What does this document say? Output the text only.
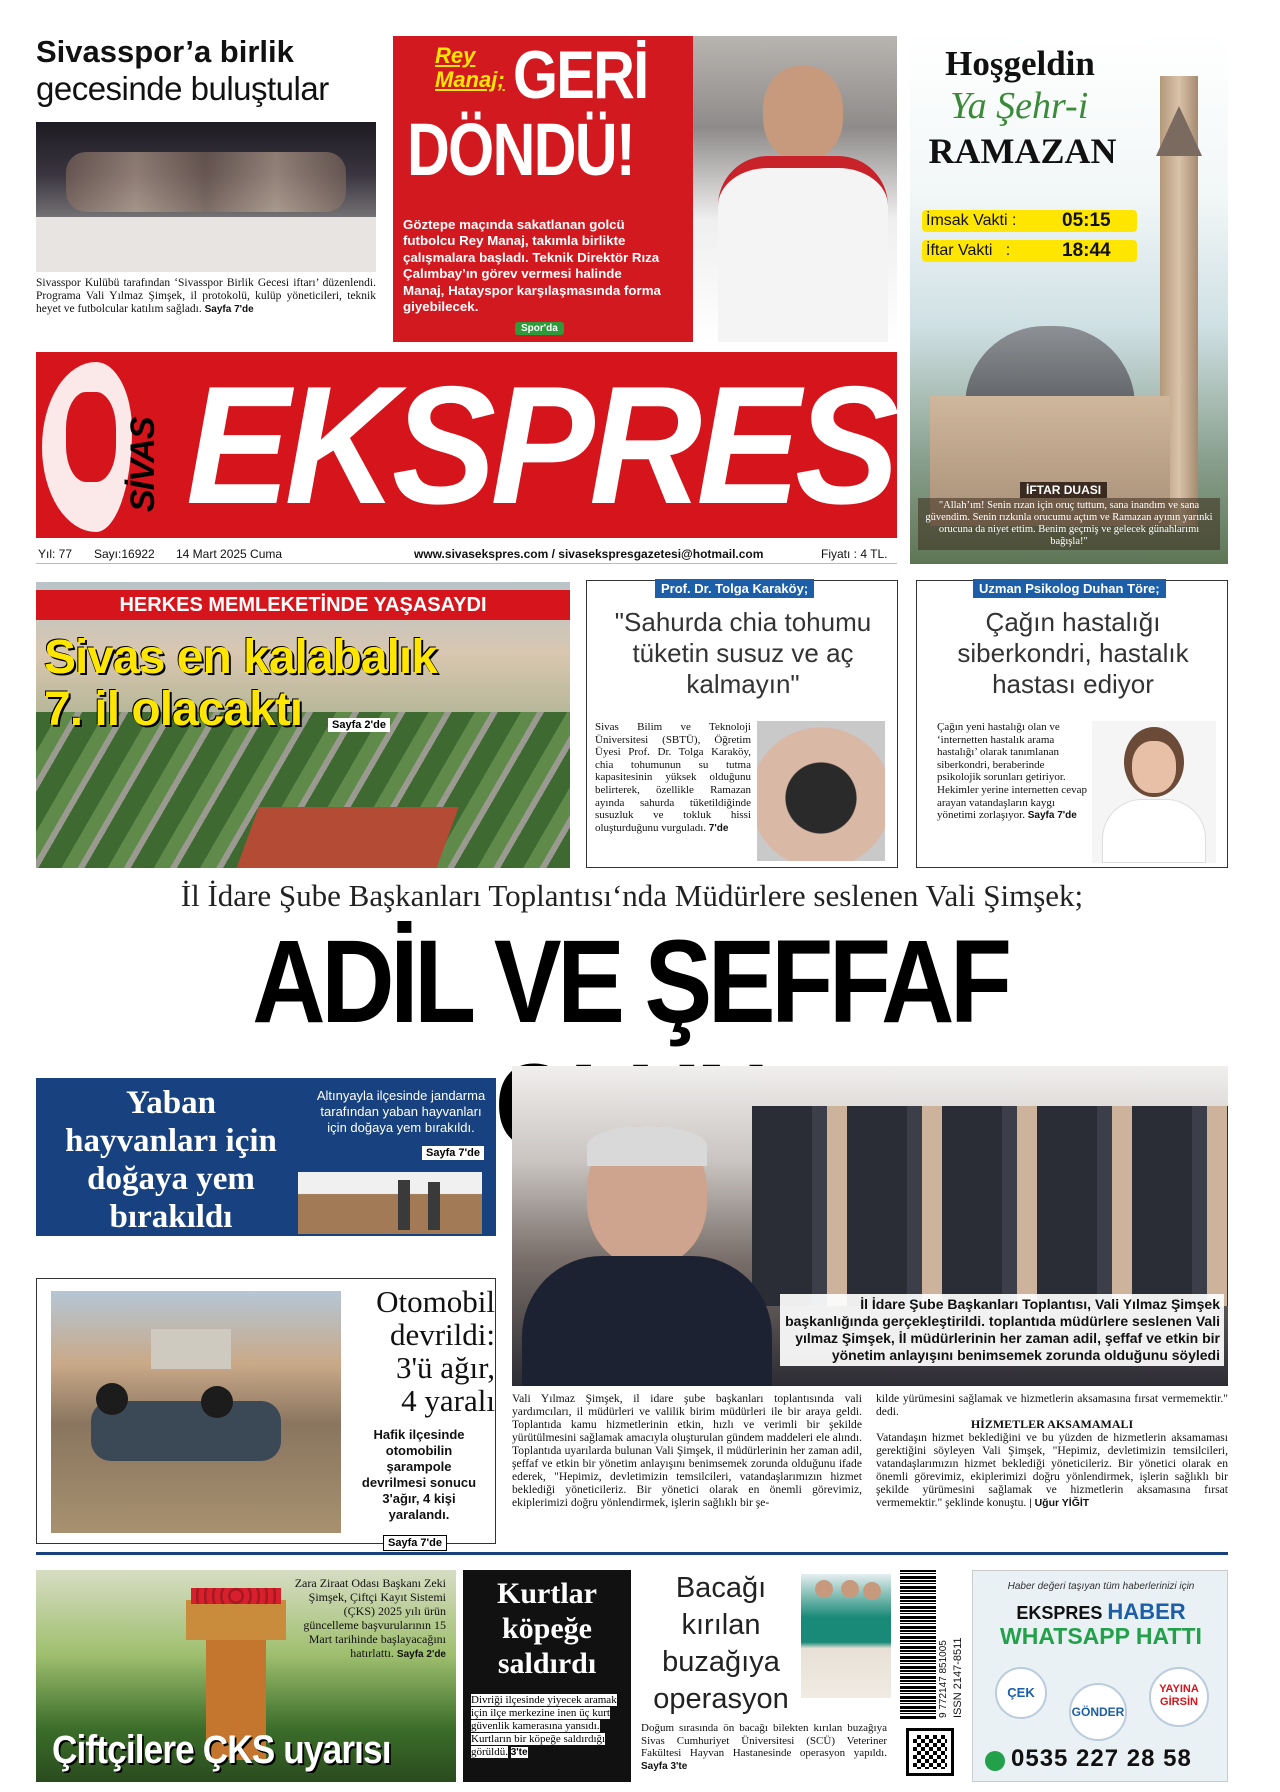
Sivasspor’a birlik
gecesinde buluştular
Sivasspor Kulübü tarafından ‘Sivasspor Birlik Gecesi iftarı’ düzenlendi. Programa Vali Yılmaz Şimşek, il protokolü, kulüp yöneticileri, teknik heyet ve futbolcular katılım sağladı. Sayfa 7'de
Rey
Manaj; GERİ
DÖNDÜ!
Göztepe maçında sakatlanan golcü futbolcu Rey Manaj, takımla birlikte çalışmalara başladı. Teknik Direktör Rıza Çalımbay’ın görev vermesi halinde Manaj, Hatayspor karşılaşmasında forma giyebilecek.
Spor'da
Hoşgeldin
Ya Şehr-i
RAMAZAN
İmsak Vakti : 05:15
İftar Vakti   :	18:44
İFTAR DUASI
"Allah’ım! Senin rızan için oruç tuttum, sana inandım ve sana güvendim. Senin rızkınla orucumu açtım ve Ramazan ayının yarınki orucuna da niyet ettim. Benim geçmiş ve gelecek günahlarımı bağışla!"
SİVAS EKSPRES
Yıl: 77 Sayı:16922 14 Mart 2025 Cuma	www.sivasekspres.com / sivasekspresgazetesi@hotmail.com	Fiyatı : 4 TL.
HERKES MEMLEKETİNDE YAŞASAYDI
Sivas en kalabalık
7. il olacaktı	Sayfa 2'de
Prof. Dr. Tolga Karaköy;
"Sahurda chia tohumu tüketin susuz ve aç kalmayın"
Sivas Bilim ve Teknoloji Üniversitesi (SBTÜ), Öğretim Üyesi Prof. Dr. Tolga Karaköy, chia tohumunun su tutma kapasitesinin yüksek olduğunu belirterek, özellikle Ramazan ayında sahurda tüketildiğinde susuzluk ve tokluk hissi oluşturduğunu vurguladı. 7'de
Uzman Psikolog Duhan Töre;
Çağın hastalığı siberkondri, hastalık hastası ediyor
Çağın yeni hastalığı olan ve ‘internetten hastalık arama hastalığı’ olarak tanımlanan siberkondri, beraberinde psikolojik sorunları getiriyor. Hekimler yerine internetten cevap arayan vatandaşların kaygı yönetimi zorlaşıyor. Sayfa 7'de
İl İdare Şube Başkanları Toplantısı‘nda Müdürlere seslenen Vali Şimşek;
ADİL VE ŞEFFAF
Yaban hayvanları için doğaya yem bırakıldı
Altınyayla ilçesinde jandarma tarafından yaban hayvanları için doğaya yem bırakıldı.
Sayfa 7'de
Otomobil
devrildi:
3'ü ağır,
4 yaralı
Hafik ilçesinde otomobilin şarampole devrilmesi sonucu 3'ağır, 4 kişi yaralandı.
Sayfa 7'de
İl İdare Şube Başkanları Toplantısı, Vali Yılmaz Şimşek başkanlığında gerçekleştirildi. toplantıda müdürlere seslenen Vali yılmaz Şimşek, İl müdürlerinin her zaman adil, şeffaf ve etkin bir yönetim anlayışını benimsemek zorunda olduğunu söyledi
Vali Yılmaz Şimşek, il idare şube başkanları toplantısında vali yardımcıları, il müdürleri ve valilik birim müdürleri ile bir araya geldi. Toplantıda kamu hizmetlerinin etkin, hızlı ve verimli bir şekilde yürütülmesini sağlamak amacıyla oluşturulan gündem maddeleri ele alındı. Toplantıda uyarılarda bulunan Vali Şimşek, il müdürlerinin her zaman adil, şeffaf ve etkin bir yönetim anlayışını benimsemek zorunda olduğunu ifade ederek, "Hepimiz, devletimizin temsilcileri, vatandaşlarımızın hizmet beklediği yöneticileriz. Bir yönetici olarak en önemli görevimiz, ekiplerimizi doğru yönlendirmek, işlerin sağlıklı bir şe-
kilde yürümesini sağlamak ve hizmetlerin aksamasına fırsat vermemektir." dedi.
HİZMETLER AKSAMAMALI
Vatandaşın hizmet beklediğini ve bu yüzden de hizmetlerin aksamaması gerektiğini söyleyen Vali Şimşek, "Hepimiz, devletimizin temsilcileri, vatandaşlarımızın hizmet beklediği yöneticileriz. Bir yönetici olarak en önemli görevimiz, ekiplerimizi doğru yönlendirmek, işlerin sağlıklı bir şekilde yürümesini sağlamak ve hizmetlerin aksamasına fırsat vermemektir." şeklinde konuştu. | Uğur YİĞİT
Zara Ziraat Odası Başkanı Zeki Şimşek, Çiftçi Kayıt Sistemi (ÇKS) 2025 yılı ürün güncelleme başvurularının 15 Mart tarihinde başlayacağını hatırlattı. Sayfa 2'de
Çiftçilere ÇKS uyarısı
Kurtlar köpeğe saldırdı
Divriği ilçesinde yiyecek aramak için ilçe merkezine inen üç kurt güvenlik kamerasına yansıdı. Kurtların bir köpeğe saldırdığı görüldü. 3'te
Bacağı kırılan buzağıya operasyon
Doğum sırasında ön bacağı bilekten kırılan buzağıya Sivas Cumhuriyet Üniversitesi (SCÜ) Veteriner Fakültesi Hayvan Hastanesinde operasyon yapıldı. Sayfa 3'te
ISSN 2147-8511
9 772147 851005
Haber değeri taşıyan tüm haberlerinizi için
EKSPRES HABER
WHATSAPP HATTI
ÇEK
GÖNDER
YAYINA GİRSİN
0535 227 28 58
